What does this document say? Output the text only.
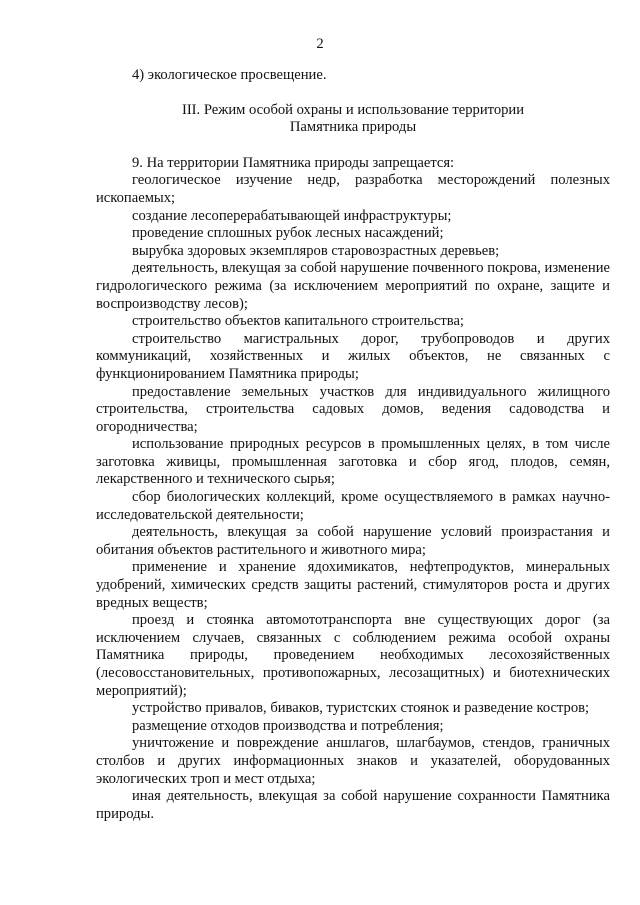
2

4) экологическое просвещение.

III. Режим особой охраны и использование территории

Памятника природы

9. На территории Памятника природы запрещается:

геологическое изучение недр, разработка месторождений полезных ископаемых;

создание лесоперерабатывающей инфраструктуры;

проведение сплошных рубок лесных насаждений;

вырубка здоровых экземпляров старовозрастных деревьев;

деятельность, влекущая за собой нарушение почвенного покрова, изменение гидрологического режима (за исключением мероприятий по охране, защите и воспроизводству лесов);

строительство объектов капитального строительства;

строительство магистральных дорог, трубопроводов и других коммуникаций, хозяйственных и жилых объектов, не связанных с функционированием Памятника природы;

предоставление земельных участков для индивидуального жилищного строительства, строительства садовых домов, ведения садоводства и огородничества;

использование природных ресурсов в промышленных целях, в том числе заготовка живицы, промышленная заготовка и сбор ягод, плодов, семян, лекарственного и технического сырья;

сбор биологических коллекций, кроме осуществляемого в рамках научно-исследовательской деятельности;

деятельность, влекущая за собой нарушение условий произрастания и обитания объектов растительного и животного мира;

применение и хранение ядохимикатов, нефтепродуктов, минеральных удобрений, химических средств защиты растений, стимуляторов роста и других вредных веществ;

проезд и стоянка автомототранспорта вне существующих дорог (за исключением случаев, связанных с соблюдением режима особой охраны Памятника природы, проведением необходимых лесохозяйственных (лесовосстановительных, противопожарных, лесозащитных) и биотехнических мероприятий);

устройство привалов, биваков, туристских стоянок и разведение костров;

размещение отходов производства и потребления;

уничтожение и повреждение аншлагов, шлагбаумов, стендов, граничных столбов и других информационных знаков и указателей, оборудованных экологических троп и мест отдыха;

иная деятельность, влекущая за собой нарушение сохранности Памятника природы.
